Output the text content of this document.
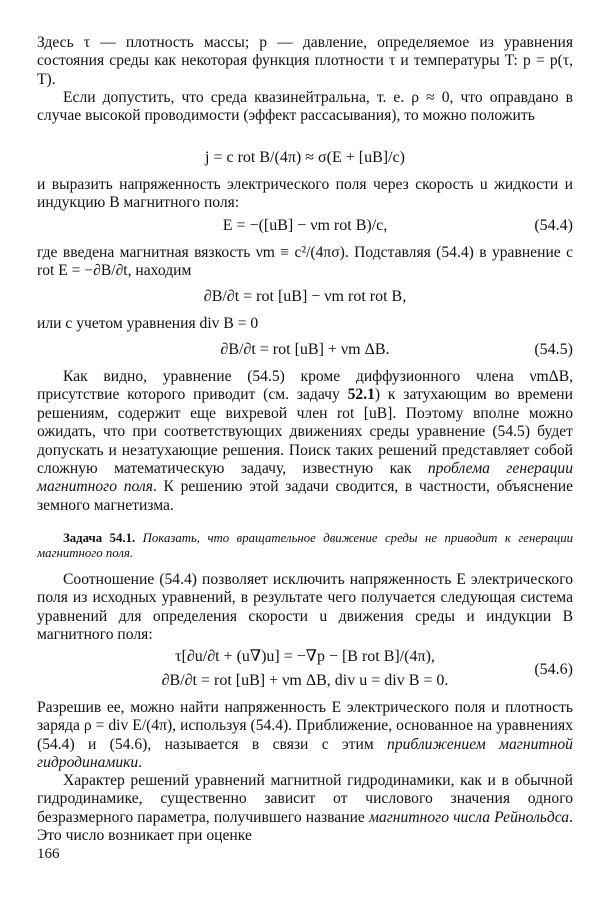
Здесь τ — плотность массы; p — давление, определяемое из уравнения состояния среды как некоторая функция плотности τ и температуры T: p = p(τ, T).

Если допустить, что среда квазинейтральна, т. е. ρ ≈ 0, что оправдано в случае высокой проводимости (эффект рассасывания), то можно положить

j = c rot B/(4π) ≈ σ(E + [uB]/c)

и выразить напряженность электрического поля через скорость u жидкости и индукцию B магнитного поля:

E = −([uB] − νm rot B)/c,	(54.4)

где введена магнитная вязкость νm ≡ c²/(4πσ). Подставляя (54.4) в уравнение c rot E = −∂B/∂t, находим

∂B/∂t = rot [uB] − νm rot rot B,

или с учетом уравнения div B = 0

∂B/∂t = rot [uB] + νm ΔB.	(54.5)

Как видно, уравнение (54.5) кроме диффузионного члена νmΔB, присутствие которого приводит (см. задачу 52.1) к затухающим во времени решениям, содержит еще вихревой член rot [uB]. Поэтому вполне можно ожидать, что при соответствующих движениях среды уравнение (54.5) будет допускать и незатухающие решения. Поиск таких решений представляет собой сложную математическую задачу, известную как проблема генерации магнитного поля. К решению этой задачи сводится, в частности, объяснение земного магнетизма.

Задача 54.1. Показать, что вращательное движение среды не приводит к генерации магнитного поля.

Соотношение (54.4) позволяет исключить напряженность E электрического поля из исходных уравнений, в результате чего получается следующая система уравнений для определения скорости u движения среды и индукции B магнитного поля:

τ[∂u/∂t + (u∇)u] = −∇p − [B rot B]/(4π),
∂B/∂t = rot [uB] + νm ΔB, div u = div B = 0.
(54.6)

Разрешив ее, можно найти напряженность E электрического поля и плотность заряда ρ = div E/(4π), используя (54.4). Приближение, основанное на уравнениях (54.4) и (54.6), называется в связи с этим приближением магнитной гидродинамики.

Характер решений уравнений магнитной гидродинамики, как и в обычной гидродинамике, существенно зависит от числового значения одного безразмерного параметра, получившего название магнитного числа Рейнольдса. Это число возникает при оценке

166
